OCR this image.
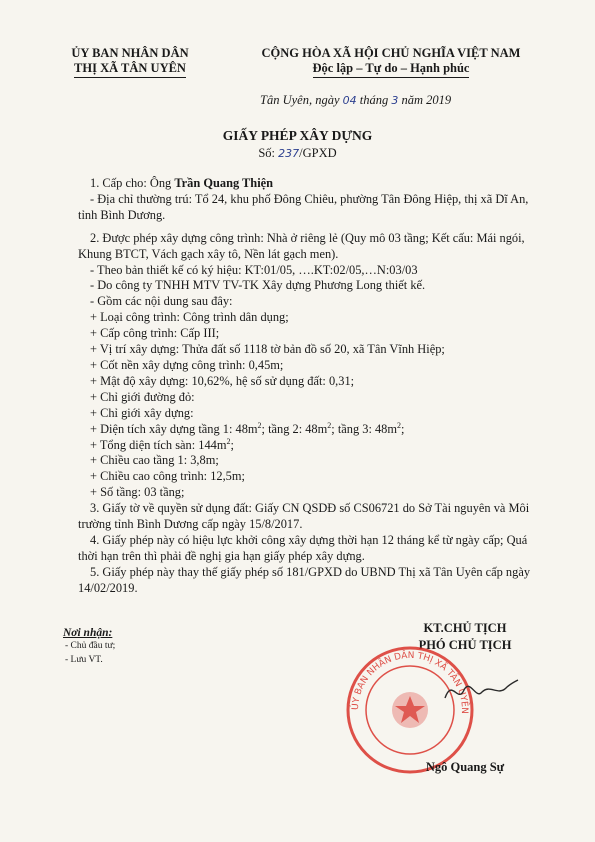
ỦY BAN NHÂN DÂN
THỊ XÃ TÂN UYÊN
CỘNG HÒA XÃ HỘI CHỦ NGHĨA VIỆT NAM
Độc lập – Tự do – Hạnh phúc
Tân Uyên, ngày 04 tháng 3 năm 2019
GIẤY PHÉP XÂY DỰNG
Số: 237/GPXD

1. Cấp cho: Ông Trần Quang Thiện

- Địa chỉ thường trú: Tổ 24, khu phố Đông Chiêu, phường Tân Đông Hiệp, thị xã Dĩ An, tỉnh Bình Dương.

2. Được phép xây dựng công trình: Nhà ở riêng lẻ (Quy mô 03 tầng; Kết cấu: Mái ngói, Khung BTCT, Vách gạch xây tô, Nền lát gạch men).

- Theo bản thiết kế có ký hiệu: KT:01/05, ….KT:02/05,…N:03/03

- Do công ty TNHH MTV TV-TK Xây dựng Phương Long thiết kế.

- Gồm các nội dung sau đây:

+ Loại công trình: Công trình dân dụng;

+ Cấp công trình: Cấp III;

+ Vị trí xây dựng: Thửa đất số 1118 tờ bản đồ số 20, xã Tân Vĩnh Hiệp;

+ Cốt nền xây dựng công trình: 0,45m;

+ Mật độ xây dựng: 10,62%, hệ số sử dụng đất: 0,31;

+ Chỉ giới đường đỏ:

+ Chỉ giới xây dựng:

+ Diện tích xây dựng tầng 1: $48m^2$; tầng 2: $48m^2$; tầng 3: $48m^2$;

+ Tổng diện tích sàn: $144m^2$;

+ Chiều cao tầng 1: 3,8m;

+ Chiều cao công trình: 12,5m;

+ Số tầng: 03 tầng;

3. Giấy tờ về quyền sử dụng đất: Giấy CN QSDĐ số CS06721 do Sở Tài nguyên và Môi trường tỉnh Bình Dương cấp ngày 15/8/2017.

4. Giấy phép này có hiệu lực khởi công xây dựng thời hạn 12 tháng kể từ ngày cấp; Quá thời hạn trên thì phải đề nghị gia hạn giấy phép xây dựng.

5. Giấy phép này thay thế giấy phép số 181/GPXD do UBND Thị xã Tân Uyên cấp ngày 14/02/2019.

Nơi nhận:
- Chủ đầu tư;
- Lưu VT.
KT.CHỦ TỊCH
PHÓ CHỦ TỊCH
ỦY BAN NHÂN DÂN THỊ XÃ TÂN UYÊN
Ngô Quang Sự
